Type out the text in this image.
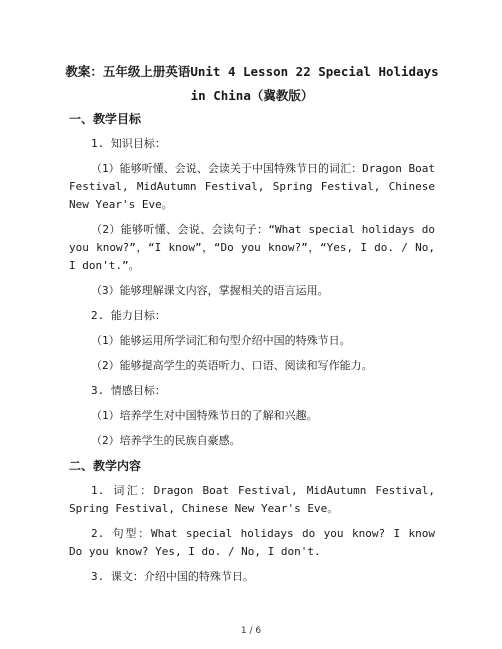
教案：五年级上册英语Unit 4 Lesson 22 Special Holidays in China（冀教版）
一、教学目标
1. 知识目标：
（1）能够听懂、会说、会读关于中国特殊节日的词汇：Dragon Boat Festival, MidAutumn Festival, Spring Festival, Chinese New Year's Eve。
（2）能够听懂、会说、会读句子：“What special holidays do you know?”，“I know”，“Do you know?”，“Yes, I do. / No, I don't.”。
（3）能够理解课文内容，掌握相关的语言运用。
2. 能力目标：
（1）能够运用所学词汇和句型介绍中国的特殊节日。
（2）能够提高学生的英语听力、口语、阅读和写作能力。
3. 情感目标：
（1）培养学生对中国特殊节日的了解和兴趣。
（2）培养学生的民族自豪感。
二、教学内容
1. 词汇：Dragon Boat Festival, MidAutumn Festival, Spring Festival, Chinese New Year's Eve。
2. 句型：What special holidays do you know? I know Do you know? Yes, I do. / No, I don't.
3. 课文：介绍中国的特殊节日。
1 / 6
